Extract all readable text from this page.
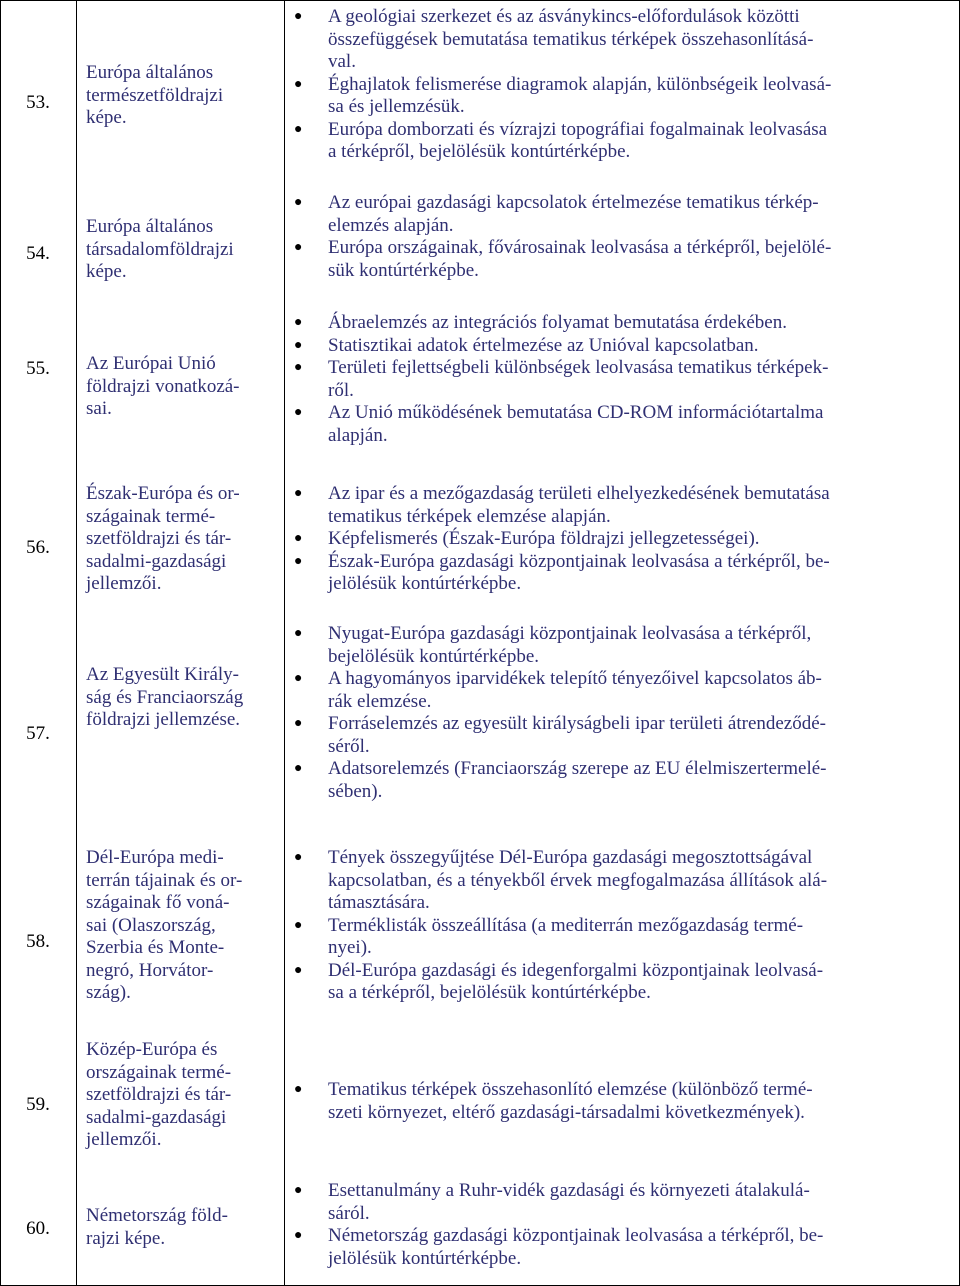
53.
Európa általános
természetföldrajzi
képe.
● A geológiai szerkezet és az ásványkincs-előfordulások közötti
összefüggések bemutatása tematikus térképek összehasonlításá-
val.
● Éghajlatok felismerése diagramok alapján, különbségeik leolvasá-
sa és jellemzésük.
● Európa domborzati és vízrajzi topográfiai fogalmainak leolvasása
a térképről, bejelölésük kontúrtérképbe.
54.
Európa általános
társadalomföldrajzi
képe.
● Az európai gazdasági kapcsolatok értelmezése tematikus térkép-
elemzés alapján.
● Európa országainak, fővárosainak leolvasása a térképről, bejelölé-
sük kontúrtérképbe.
55.	Az Európai Unió
földrajzi vonatkozá-
sai.
● Ábraelemzés az integrációs folyamat bemutatása érdekében.
● Statisztikai adatok értelmezése az Unióval kapcsolatban.
● Területi fejlettségbeli különbségek leolvasása tematikus térképek-
ről.
● Az Unió működésének bemutatása CD-ROM információtartalma
alapján.
56.
Észak-Európa és or-
szágainak termé-
szetföldrajzi és tár-
sadalmi-gazdasági
jellemzői.
● Az ipar és a mezőgazdaság területi elhelyezkedésének bemutatása
tematikus térképek elemzése alapján.
● Képfelismerés (Észak-Európa földrajzi jellegzetességei).
● Észak-Európa gazdasági központjainak leolvasása a térképről, be-
jelölésük kontúrtérképbe.
57.
Az Egyesült Király-
ság és Franciaország
földrajzi jellemzése.
● Nyugat-Európa gazdasági központjainak leolvasása a térképről,
bejelölésük kontúrtérképbe.
● A hagyományos iparvidékek telepítő tényezőivel kapcsolatos áb-
rák elemzése.
● Forráselemzés az egyesült királyságbeli ipar területi átrendeződé-
séről.
● Adatsorelemzés (Franciaország szerepe az EU élelmiszertermelé-
sében).
58.
Dél-Európa medi-
terrán tájainak és or-
szágainak fő voná-
sai (Olaszország,
Szerbia és Monte-
negró, Horvátor-
szág).
● Tények összegyűjtése Dél-Európa gazdasági megosztottságával
kapcsolatban, és a tényekből érvek megfogalmazása állítások alá-
támasztására.
● Terméklisták összeállítása (a mediterrán mezőgazdaság termé-
nyei).
● Dél-Európa gazdasági és idegenforgalmi központjainak leolvasá-
sa a térképről, bejelölésük kontúrtérképbe.
59.
Közép-Európa és
országainak termé-
szetföldrajzi és tár-
sadalmi-gazdasági
jellemzői.
● Tematikus térképek összehasonlító elemzése (különböző termé-
szeti környezet, eltérő gazdasági-társadalmi következmények).
60.
Németország föld-
rajzi képe.
● Esettanulmány a Ruhr-vidék gazdasági és környezeti átalakulá-
sáról.
● Németország gazdasági központjainak leolvasása a térképről, be-
jelölésük kontúrtérképbe.
